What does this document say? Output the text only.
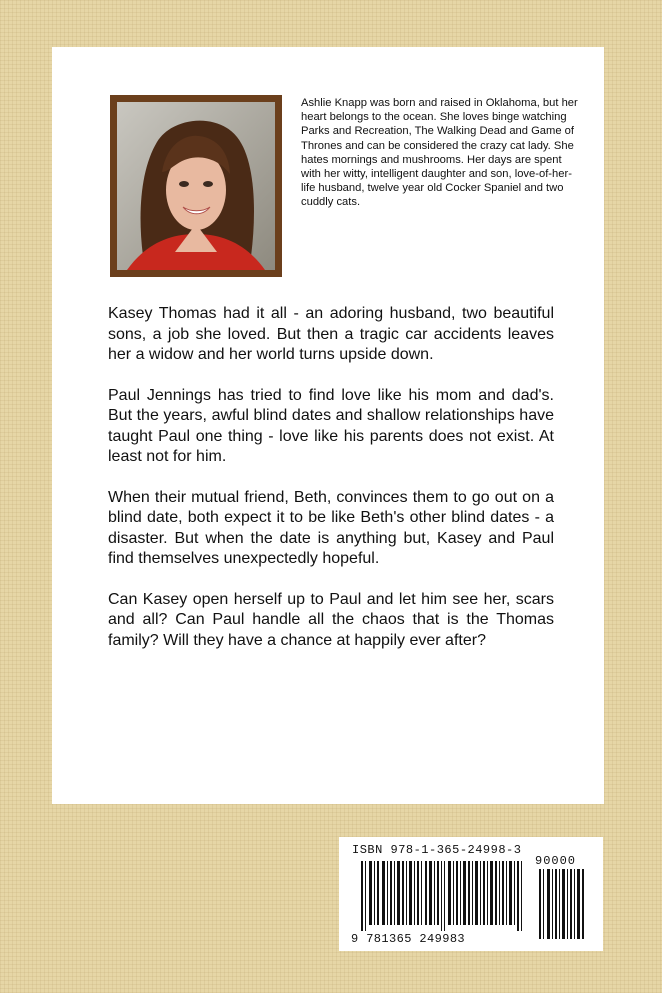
Ashlie Knapp was born and raised in Oklahoma, but her heart belongs to the ocean. She loves binge watching Parks and Recreation, The Walking Dead and Game of Thrones and can be considered the crazy cat lady. She hates mornings and mushrooms. Her days are spent with her witty, intelligent daughter and son, love-of-her-life husband, twelve year old Cocker Spaniel and two cuddly cats.

Kasey Thomas had it all - an adoring husband, two beautiful sons, a job she loved. But then a tragic car accidents leaves her a widow and her world turns upside down.

Paul Jennings has tried to find love like his mom and dad's. But the years, awful blind dates and shallow relationships have taught Paul one thing - love like his parents does not exist. At least not for him.

When their mutual friend, Beth, convinces them to go out on a blind date, both expect it to be like Beth's other blind dates - a disaster. But when the date is anything but, Kasey and Paul find themselves unexpectedly hopeful.

Can Kasey open herself up to Paul and let him see her, scars and all? Can Paul handle all the chaos that is the Thomas family? Will they have a chance at happily ever after?

ISBN 978-1-365-24998-3
90000
9 781365 249983
